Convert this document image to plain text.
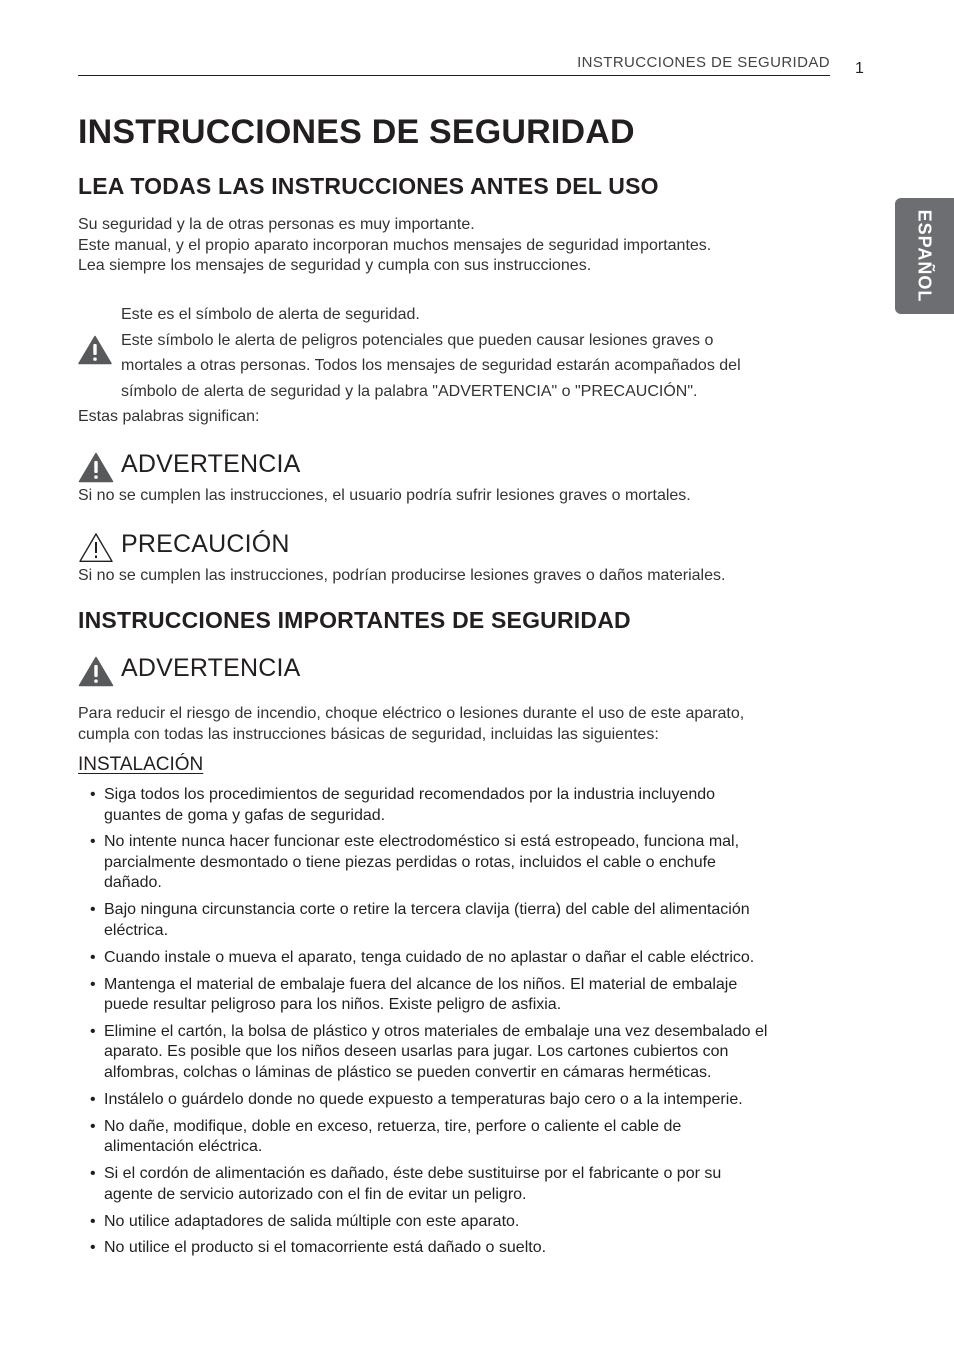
INSTRUCCIONES DE SEGURIDAD 1
ESPAÑOL
INSTRUCCIONES DE SEGURIDAD
LEA TODAS LAS INSTRUCCIONES ANTES DEL USO
Su seguridad y la de otras personas es muy importante.
Este manual, y el propio aparato incorporan muchos mensajes de seguridad importantes.
Lea siempre los mensajes de seguridad y cumpla con sus instrucciones.
Este es el símbolo de alerta de seguridad.
Este símbolo le alerta de peligros potenciales que pueden causar lesiones graves o
mortales a otras personas. Todos los mensajes de seguridad estarán acompañados del
símbolo de alerta de seguridad y la palabra "ADVERTENCIA" o "PRECAUCIÓN".
Estas palabras significan:
ADVERTENCIA
Si no se cumplen las instrucciones, el usuario podría sufrir lesiones graves o mortales.
PRECAUCIÓN
Si no se cumplen las instrucciones, podrían producirse lesiones graves o daños materiales.
INSTRUCCIONES IMPORTANTES DE SEGURIDAD
ADVERTENCIA
Para reducir el riesgo de incendio, choque eléctrico o lesiones durante el uso de este aparato,
cumpla con todas las instrucciones básicas de seguridad, incluidas las siguientes:
INSTALACIÓN
• Siga todos los procedimientos de seguridad recomendados por la industria incluyendo
guantes de goma y gafas de seguridad.
• No intente nunca hacer funcionar este electrodoméstico si está estropeado, funciona mal,
parcialmente desmontado o tiene piezas perdidas o rotas, incluidos el cable o enchufe
dañado.
• Bajo ninguna circunstancia corte o retire la tercera clavija (tierra) del cable del alimentación
eléctrica.
• Cuando instale o mueva el aparato, tenga cuidado de no aplastar o dañar el cable eléctrico.
• Mantenga el material de embalaje fuera del alcance de los niños. El material de embalaje
puede resultar peligroso para los niños. Existe peligro de asfixia.
• Elimine el cartón, la bolsa de plástico y otros materiales de embalaje una vez desembalado el
aparato. Es posible que los niños deseen usarlas para jugar. Los cartones cubiertos con
alfombras, colchas o láminas de plástico se pueden convertir en cámaras herméticas.
• Instálelo o guárdelo donde no quede expuesto a temperaturas bajo cero o a la intemperie.
• No dañe, modifique, doble en exceso, retuerza, tire, perfore o caliente el cable de
alimentación eléctrica.
• Si el cordón de alimentación es dañado, éste debe sustituirse por el fabricante o por su
agente de servicio autorizado con el fin de evitar un peligro.
• No utilice adaptadores de salida múltiple con este aparato.
• No utilice el producto si el tomacorriente está dañado o suelto.
